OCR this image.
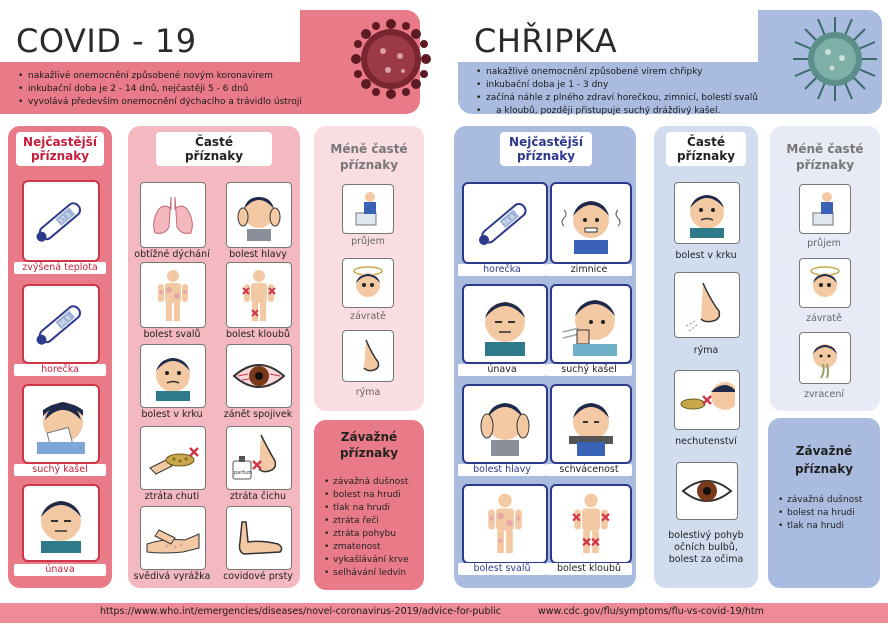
COVID - 19
• nakažlivé onemocnění způsobené novým koronavirem
• inkubační doba je 2 - 14 dnů, nejčastěji 5 - 6 dnů
• vyvolává především onemocnění dýchacího a trávidlo ústrojí
CHŘIPKA
• nakažlivé onemocnění způsobené virem chřipky
• inkubační doba je 1 - 3 dny
• začíná náhle z plného zdraví horečkou, zimnicí, bolestí svalů
• a kloubů, později přistupuje suchý dráždivý kašel.
Nejčastější
příznaky
37.5
zvýšená teplota
38.6
horečka
suchý kašel
únava
Časté
příznaky
obtížné dýchání	bolest hlavy
bolest svalů	bolest kloubů
bolest v krku	zánět spojivek
ztráta chuti
parfum
ztráta čichu
svědivá vyrážka	covidové prsty
Méně časté
příznaky
průjem
závratě
rýma
Závažné
příznaky
• závažná dušnost
• bolest na hrudi
• tlak na hrudi
• ztráta řeči
• ztráta pohybu
• zmatenost
• vykašlávání krve
• selhávání ledvin
Nejčastější
příznaky
38.8
horečka	zimnice
únava	suchý kašel
bolest hlavy	schvácenost
bolest svalů	bolest kloubů
Časté
příznaky
bolest v krku
rýma
nechutenství
bolestivý pohyb
očních bulbů,
bolest za očima
Méně časté
příznaky
průjem
závratě
zvracení
Závažné
příznaky
• závažná dušnost
• bolest na hrudi
• tlak na hrudi
https://www.who.int/emergencies/diseases/novel-coronavirus-2019/advice-for-public	www.cdc.gov/flu/symptoms/flu-vs-covid-19/htm
